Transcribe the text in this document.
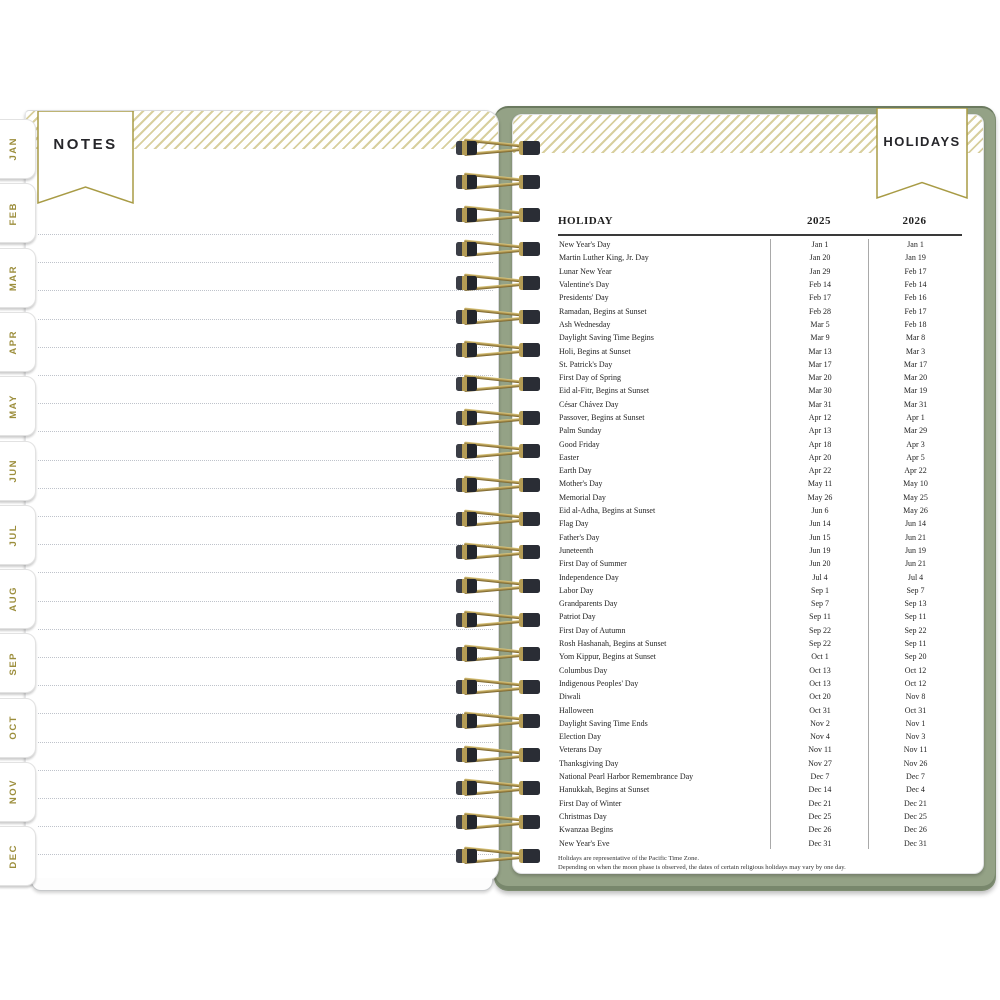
NOTES
JAN
FEB
MAR
APR
MAY
JUN
JUL
AUG
SEP
OCT
NOV
DEC
HOLIDAYS
HOLIDAY	2025	2026
New Year's Day	Jan 1	Jan 1
Martin Luther King, Jr. Day	Jan 20	Jan 19
Lunar New Year	Jan 29	Feb 17
Valentine's Day	Feb 14	Feb 14
Presidents' Day	Feb 17	Feb 16
Ramadan, Begins at Sunset	Feb 28	Feb 17
Ash Wednesday	Mar 5	Feb 18
Daylight Saving Time Begins	Mar 9	Mar 8
Holi, Begins at Sunset	Mar 13	Mar 3
St. Patrick's Day	Mar 17	Mar 17
First Day of Spring	Mar 20	Mar 20
Eid al-Fitr, Begins at Sunset	Mar 30	Mar 19
César Chávez Day	Mar 31	Mar 31
Passover, Begins at Sunset	Apr 12	Apr 1
Palm Sunday	Apr 13	Mar 29
Good Friday	Apr 18	Apr 3
Easter	Apr 20	Apr 5
Earth Day	Apr 22	Apr 22
Mother's Day	May 11	May 10
Memorial Day	May 26	May 25
Eid al-Adha, Begins at Sunset	Jun 6	May 26
Flag Day	Jun 14	Jun 14
Father's Day	Jun 15	Jun 21
Juneteenth	Jun 19	Jun 19
First Day of Summer	Jun 20	Jun 21
Independence Day	Jul 4	Jul 4
Labor Day	Sep 1	Sep 7
Grandparents Day	Sep 7	Sep 13
Patriot Day	Sep 11	Sep 11
First Day of Autumn	Sep 22	Sep 22
Rosh Hashanah, Begins at Sunset	Sep 22	Sep 11
Yom Kippur, Begins at Sunset	Oct 1	Sep 20
Columbus Day	Oct 13	Oct 12
Indigenous Peoples' Day	Oct 13	Oct 12
Diwali	Oct 20	Nov 8
Halloween	Oct 31	Oct 31
Daylight Saving Time Ends	Nov 2	Nov 1
Election Day	Nov 4	Nov 3
Veterans Day	Nov 11	Nov 11
Thanksgiving Day	Nov 27	Nov 26
National Pearl Harbor Remembrance Day	Dec 7	Dec 7
Hanukkah, Begins at Sunset	Dec 14	Dec 4
First Day of Winter	Dec 21	Dec 21
Christmas Day	Dec 25	Dec 25
Kwanzaa Begins	Dec 26	Dec 26
New Year's Eve	Dec 31	Dec 31
Holidays are representative of the Pacific Time Zone.
Depending on when the moon phase is observed, the dates of certain religious holidays may vary by one day.
